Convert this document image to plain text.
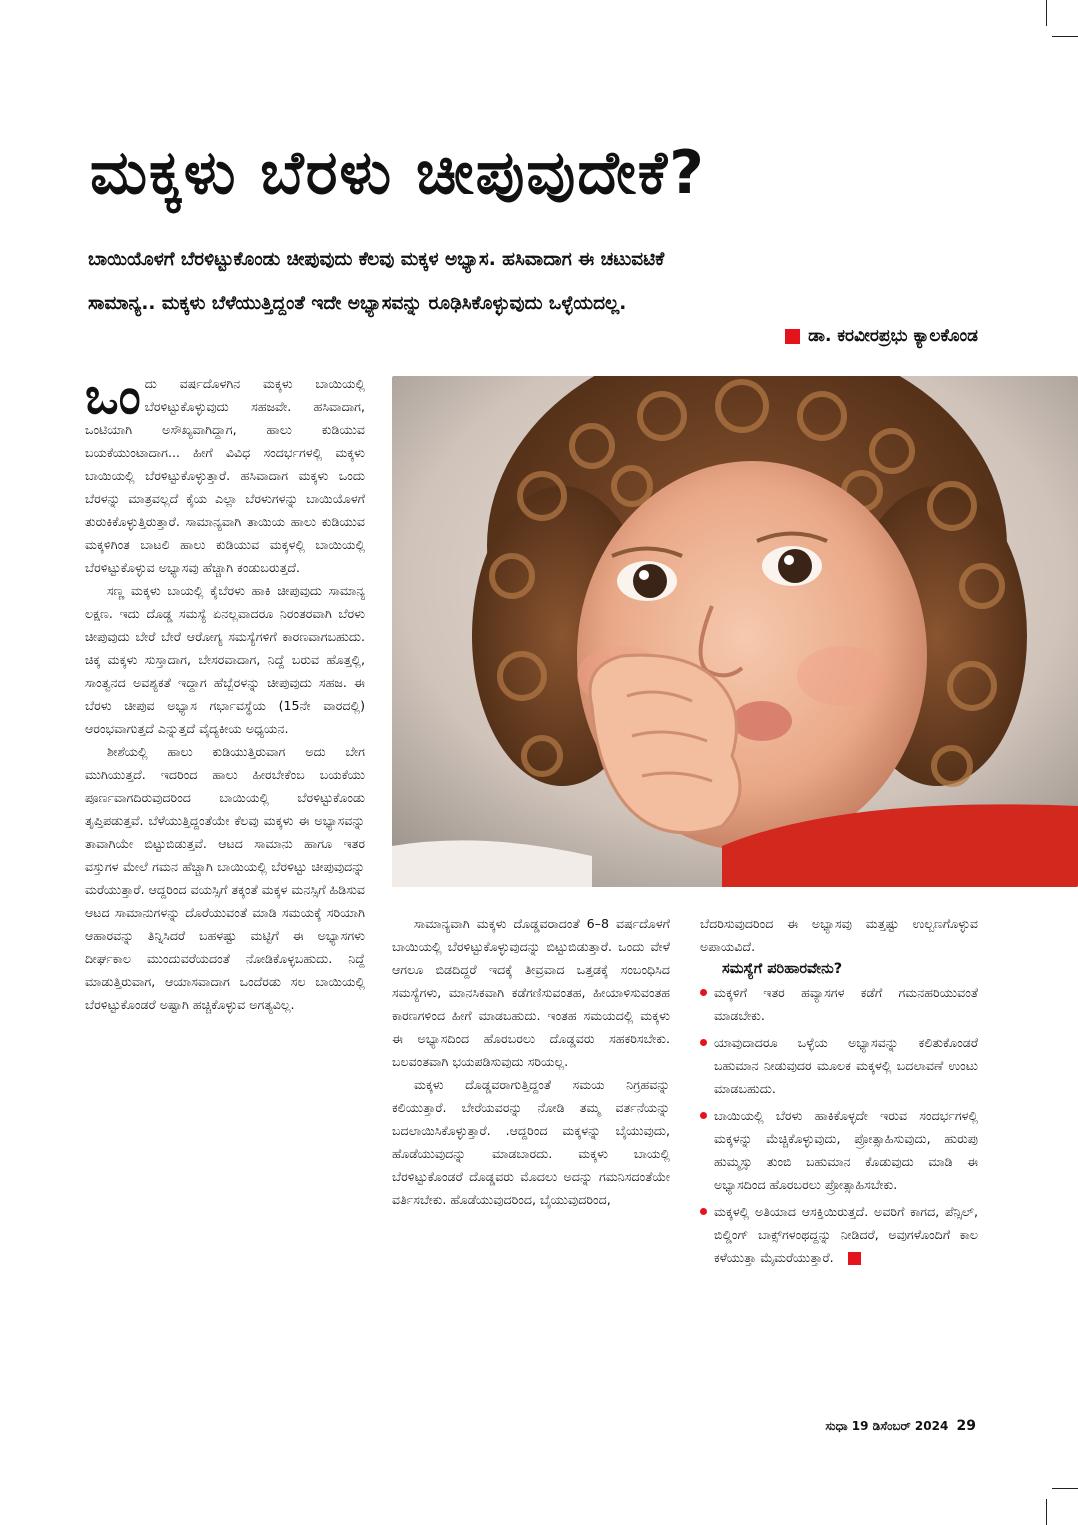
ಮಕ್ಕಳು ಬೆರಳು ಚೀಪುವುದೇಕೆ?
ಬಾಯಿಯೊಳಗೆ ಬೆರಳಿಟ್ಟುಕೊಂಡು ಚೀಪುವುದು ಕೆಲವು ಮಕ್ಕಳ ಅಭ್ಯಾಸ. ಹಸಿವಾದಾಗ ಈ ಚಟುವಟಿಕೆ
ಸಾಮಾನ್ಯ.. ಮಕ್ಕಳು ಬೆಳೆಯುತ್ತಿದ್ದಂತೆ ಇದೇ ಅಭ್ಯಾಸವನ್ನು ರೂಢಿಸಿಕೊಳ್ಳುವುದು ಒಳ್ಳೆಯದಲ್ಲ.
ಡಾ. ಕರವೀರಪ್ರಭು ಕ್ಯಾಲಕೊಂಡ

ಒಂದು ವರ್ಷದೊಳಗಿನ ಮಕ್ಕಳು ಬಾಯಿಯಲ್ಲಿ ಬೆರಳಿಟ್ಟುಕೊಳ್ಳುವುದು ಸಹಜವೇ. ಹಸಿವಾದಾಗ, ಒಂಟಿಯಾಗಿ ಅಸೌಖ್ಯವಾಗಿದ್ದಾಗ, ಹಾಲು ಕುಡಿಯುವ ಬಯಕೆಯುಂಟಾದಾಗ... ಹೀಗೆ ವಿವಿಧ ಸಂದರ್ಭಗಳಲ್ಲಿ ಮಕ್ಕಳು ಬಾಯಿಯಲ್ಲಿ ಬೆರಳಿಟ್ಟುಕೊಳ್ಳುತ್ತಾರೆ. ಹಸಿವಾದಾಗ ಮಕ್ಕಳು ಒಂದು ಬೆರಳನ್ನು ಮಾತ್ರವಲ್ಲದೆ ಕೈಯ ಎಲ್ಲಾ ಬೆರಳುಗಳನ್ನು ಬಾಯಿಯೊಳಗೆ ತುರುಕಿಕೊಳ್ಳುತ್ತಿರುತ್ತಾರೆ. ಸಾಮಾನ್ಯವಾಗಿ ತಾಯಿಯ ಹಾಲು ಕುಡಿಯುವ ಮಕ್ಕಳಿಗಿಂತ ಬಾಟಲಿ ಹಾಲು ಕುಡಿಯುವ ಮಕ್ಕಳಲ್ಲಿ ಬಾಯಿಯಲ್ಲಿ ಬೆರಳಿಟ್ಟುಕೊಳ್ಳುವ ಅಭ್ಯಾಸವು ಹೆಚ್ಚಾಗಿ ಕಂಡುಬರುತ್ತದೆ.

ಸಣ್ಣ ಮಕ್ಕಳು ಬಾಯಲ್ಲಿ ಕೈಬೆರಳು ಹಾಕಿ ಚೀಪುವುದು ಸಾಮಾನ್ಯ ಲಕ್ಷಣ. ಇದು ದೊಡ್ಡ ಸಮಸ್ಯೆ ಏನಲ್ಲವಾದರೂ ನಿರಂತರವಾಗಿ ಬೆರಳು ಚೀಪುವುದು ಬೇರೆ ಬೇರೆ ಆರೋಗ್ಯ ಸಮಸ್ಯೆಗಳಿಗೆ ಕಾರಣವಾಗಬಹುದು. ಚಿಕ್ಕ ಮಕ್ಕಳು ಸುಸ್ತಾದಾಗ, ಬೇಸರವಾದಾಗ, ನಿದ್ದೆ ಬರುವ ಹೊತ್ತಲ್ಲಿ, ಸಾಂತ್ವನದ ಅವಶ್ಯಕತೆ ಇದ್ದಾಗ ಹೆಬ್ಬೆರಳನ್ನು ಚೀಪುವುದು ಸಹಜ. ಈ ಬೆರಳು ಚೀಪುವ ಅಭ್ಯಾಸ ಗರ್ಭಾವಸ್ಥೆಯ (15ನೇ ವಾರದಲ್ಲಿ) ಆರಂಭವಾಗುತ್ತದೆ ಎನ್ನುತ್ತದೆ ವೈದ್ಯಕೀಯ ಅಧ್ಯಯನ.

ಶೀಶೆಯಲ್ಲಿ ಹಾಲು ಕುಡಿಯುತ್ತಿರುವಾಗ ಅದು ಬೇಗ ಮುಗಿಯುತ್ತದೆ. ಇದರಿಂದ ಹಾಲು ಹೀರಬೇಕೆಂಬ ಬಯಕೆಯು ಪೂರ್ಣವಾಗದಿರುವುದರಿಂದ ಬಾಯಿಯಲ್ಲಿ ಬೆರಳಿಟ್ಟುಕೊಂಡು ತೃಪ್ತಿಪಡುತ್ತವೆ. ಬೆಳೆಯುತ್ತಿದ್ದಂತೆಯೇ ಕೆಲವು ಮಕ್ಕಳು ಈ ಅಭ್ಯಾಸವನ್ನು ತಾವಾಗಿಯೇ ಬಿಟ್ಟುಬಿಡುತ್ತವೆ. ಆಟದ ಸಾಮಾನು ಹಾಗೂ ಇತರ ವಸ್ತುಗಳ ಮೇಲೆ ಗಮನ ಹೆಚ್ಚಾಗಿ ಬಾಯಿಯಲ್ಲಿ ಬೆರಳಿಟ್ಟು ಚೀಪುವುದನ್ನು ಮರೆಯುತ್ತಾರೆ. ಆದ್ದರಿಂದ ವಯಸ್ಸಿಗೆ ತಕ್ಕಂತೆ ಮಕ್ಕಳ ಮನಸ್ಸಿಗೆ ಹಿಡಿಸುವ ಆಟದ ಸಾಮಾನುಗಳನ್ನು ದೊರೆಯುವಂತೆ ಮಾಡಿ ಸಮಯಕ್ಕೆ ಸರಿಯಾಗಿ ಆಹಾರವನ್ನು ತಿನ್ನಿಸಿದರೆ ಬಹಳಷ್ಟು ಮಟ್ಟಿಗೆ ಈ ಅಭ್ಯಾಸಗಳು ದೀರ್ಘಕಾಲ ಮುಂದುವರೆಯದಂತೆ ನೋಡಿಕೊಳ್ಳಬಹುದು. ನಿದ್ದೆ ಮಾಡುತ್ತಿರುವಾಗ, ಆಯಾಸವಾದಾಗ ಒಂದೆರಡು ಸಲ ಬಾಯಿಯಲ್ಲಿ ಬೆರಳಿಟ್ಟುಕೊಂಡರೆ ಅಷ್ಟಾಗಿ ಹಚ್ಚಿಕೊಳ್ಳುವ ಅಗತ್ಯವಿಲ್ಲ.

ಸಾಮಾನ್ಯವಾಗಿ ಮಕ್ಕಳು ದೊಡ್ಡವರಾದಂತೆ 6–8 ವರ್ಷದೊಳಗೆ ಬಾಯಿಯಲ್ಲಿ ಬೆರಳಿಟ್ಟುಕೊಳ್ಳುವುದನ್ನು ಬಿಟ್ಟುಬಿಡುತ್ತಾರೆ. ಒಂದು ವೇಳೆ ಆಗಲೂ ಬಿಡದಿದ್ದರೆ ಇದಕ್ಕೆ ತೀವ್ರವಾದ ಒತ್ತಡಕ್ಕೆ ಸಂಬಂಧಿಸಿದ ಸಮಸ್ಯೆಗಳು, ಮಾನಸಿಕವಾಗಿ ಕಡೆಗಣಿಸುವಂತಹ, ಹೀಯಾಳಿಸುವಂತಹ ಕಾರಣಗಳಿಂದ ಹೀಗೆ ಮಾಡಬಹುದು. ಇಂತಹ ಸಮಯದಲ್ಲಿ ಮಕ್ಕಳು ಈ ಅಭ್ಯಾಸದಿಂದ ಹೊರಬರಲು ದೊಡ್ಡವರು ಸಹಕರಿಸಬೇಕು. ಬಲವಂತವಾಗಿ ಭಯಪಡಿಸುವುದು ಸರಿಯಲ್ಲ.

ಮಕ್ಕಳು ದೊಡ್ಡವರಾಗುತ್ತಿದ್ದಂತೆ ಸಮಯ ನಿಗ್ರಹವನ್ನು ಕಲಿಯುತ್ತಾರೆ. ಬೇರೆಯವರನ್ನು ನೋಡಿ ತಮ್ಮ ವರ್ತನೆಯನ್ನು ಬದಲಾಯಿಸಿಕೊಳ್ಳುತ್ತಾರೆ. .ಆದ್ದರಿಂದ ಮಕ್ಕಳನ್ನು ಬೈಯುವುದು, ಹೊಡೆಯುವುದನ್ನು ಮಾಡಬಾರದು. ಮಕ್ಕಳು ಬಾಯಲ್ಲಿ ಬೆರಳಿಟ್ಟುಕೊಂಡರೆ ದೊಡ್ಡವರು ಮೊದಲು ಅದನ್ನು ಗಮನಿಸದಂತೆಯೇ ವರ್ತಿಸಬೇಕು. ಹೊಡೆಯುವುದರಿಂದ, ಬೈಯುವುದರಿಂದ,

ಬೆದರಿಸುವುದರಿಂದ ಈ ಅಭ್ಯಾಸವು ಮತ್ತಷ್ಟು ಉಲ್ಬಣಗೊಳ್ಳುವ ಅಪಾಯವಿದೆ.

ಸಮಸ್ಯೆಗೆ ಪರಿಹಾರವೇನು?

ಮಕ್ಕಳಿಗೆ ಇತರ ಹವ್ಯಾಸಗಳ ಕಡೆಗೆ ಗಮನಹರಿಯುವಂತೆ ಮಾಡಬೇಕು.

ಯಾವುದಾದರೂ ಒಳ್ಳೆಯ ಅಭ್ಯಾಸವನ್ನು ಕಲಿತುಕೊಂಡರೆ ಬಹುಮಾನ ನೀಡುವುದರ ಮೂಲಕ ಮಕ್ಕಳಲ್ಲಿ ಬದಲಾವಣೆ ಉಂಟು ಮಾಡಬಹುದು.

ಬಾಯಿಯಲ್ಲಿ ಬೆರಳು ಹಾಕಿಕೊಳ್ಳದೇ ಇರುವ ಸಂದರ್ಭಗಳಲ್ಲಿ ಮಕ್ಕಳನ್ನು ಮೆಚ್ಚಿಕೊಳ್ಳುವುದು, ಪ್ರೋತ್ಸಾಹಿಸುವುದು, ಹುರುಪು ಹುಮ್ಮಸ್ಸು ತುಂಬಿ ಬಹುಮಾನ ಕೊಡುವುದು ಮಾಡಿ ಈ ಅಭ್ಯಾಸದಿಂದ ಹೊರಬರಲು ಪ್ರೋತ್ಸಾಹಿಸಬೇಕು.

ಮಕ್ಕಳಲ್ಲಿ ಅತಿಯಾದ ಆಸಕ್ತಿಯಿರುತ್ತದೆ. ಅವರಿಗೆ ಕಾಗದ, ಪೆನ್ಸಿಲ್, ಬಿಲ್ಡಿಂಗ್ ಬಾಕ್ಸ್‌ಗಳಂಥದ್ದನ್ನು ನೀಡಿದರೆ, ಅವುಗಳೊಂದಿಗೆ ಕಾಲ ಕಳೆಯುತ್ತಾ ಮೈಮರೆಯುತ್ತಾರೆ.

ಸುಧಾ 19 ಡಿಸೆಂಬರ್ 2024 29
